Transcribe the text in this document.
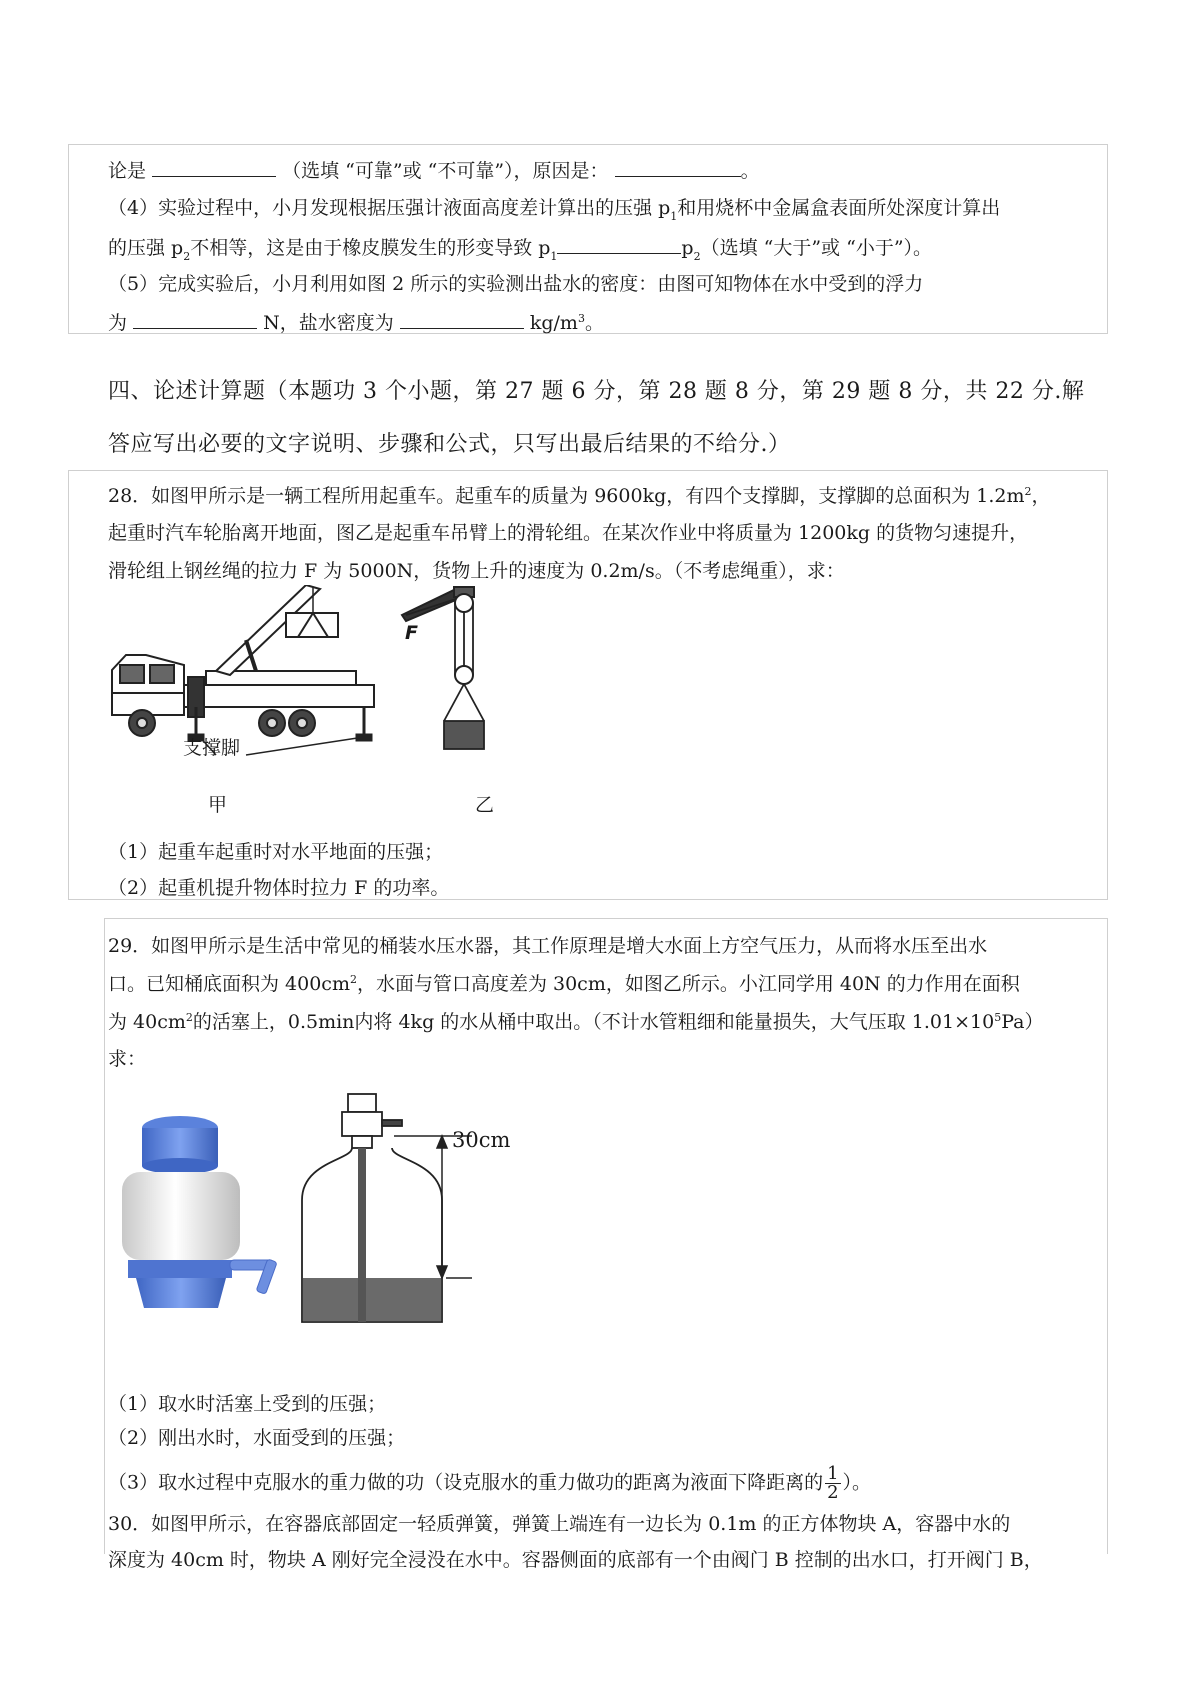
论是	（选填 “可靠”或 “不可靠”），原因是：	。
（4）实验过程中，小月发现根据压强计液面高度差计算出的压强 $p_1$和用烧杯中金属盒表面所处深度计算出
的压强 $p_2$不相等，这是由于橡皮膜发生的形变导致 $p_1$	$p_2$（选填 “大于”或 “小于”）。
（5）完成实验后，小月利用如图 2 所示的实验测出盐水的密度：由图可知物体在水中受到的浮力
为	N，盐水密度为	$kg/m^3$。
四、论述计算题（本题功 3 个小题，第 27 题 6 分，第 28 题 8 分，第 29 题 8 分，共 22 分.解
答应写出必要的文字说明、步骤和公式，只写出最后结果的不给分.）
28．如图甲所示是一辆工程所用起重车。起重车的质量为 9600kg，有四个支撑脚，支撑脚的总面积为 $1.2m^2$，
起重时汽车轮胎离开地面，图乙是起重车吊臂上的滑轮组。在某次作业中将质量为 1200kg 的货物匀速提升，
滑轮组上钢丝绳的拉力 F 为 5000N，货物上升的速度为 0.2m/s。（不考虑绳重），求：
支撑脚
甲
F
乙
（1）起重车起重时对水平地面的压强；
（2）起重机提升物体时拉力 F 的功率。
29．如图甲所示是生活中常见的桶装水压水器，其工作原理是增大水面上方空气压力，从而将水压至出水
口。已知桶底面积为 $400cm^2$，水面与管口高度差为 30cm，如图乙所示。小江同学用 40N 的力作用在面积
为 $40cm^2$的活塞上，0.5min内将 4kg 的水从桶中取出。（不计水管粗细和能量损失，大气压取 $1.01\times 10^5Pa$）
求：
30cm
（1）取水时活塞上受到的压强；
（2）刚出水时，水面受到的压强；
（3）取水过程中克服水的重力做的功（设克服水的重力做功的距离为液面下降距离的 $\frac{1}{2}$ ）。
30．如图甲所示，在容器底部固定一轻质弹簧，弹簧上端连有一边长为 0.1m 的正方体物块 A，容器中水的
深度为 40cm 时，物块 A 刚好完全浸没在水中。容器侧面的底部有一个由阀门 B 控制的出水口，打开阀门 B，
